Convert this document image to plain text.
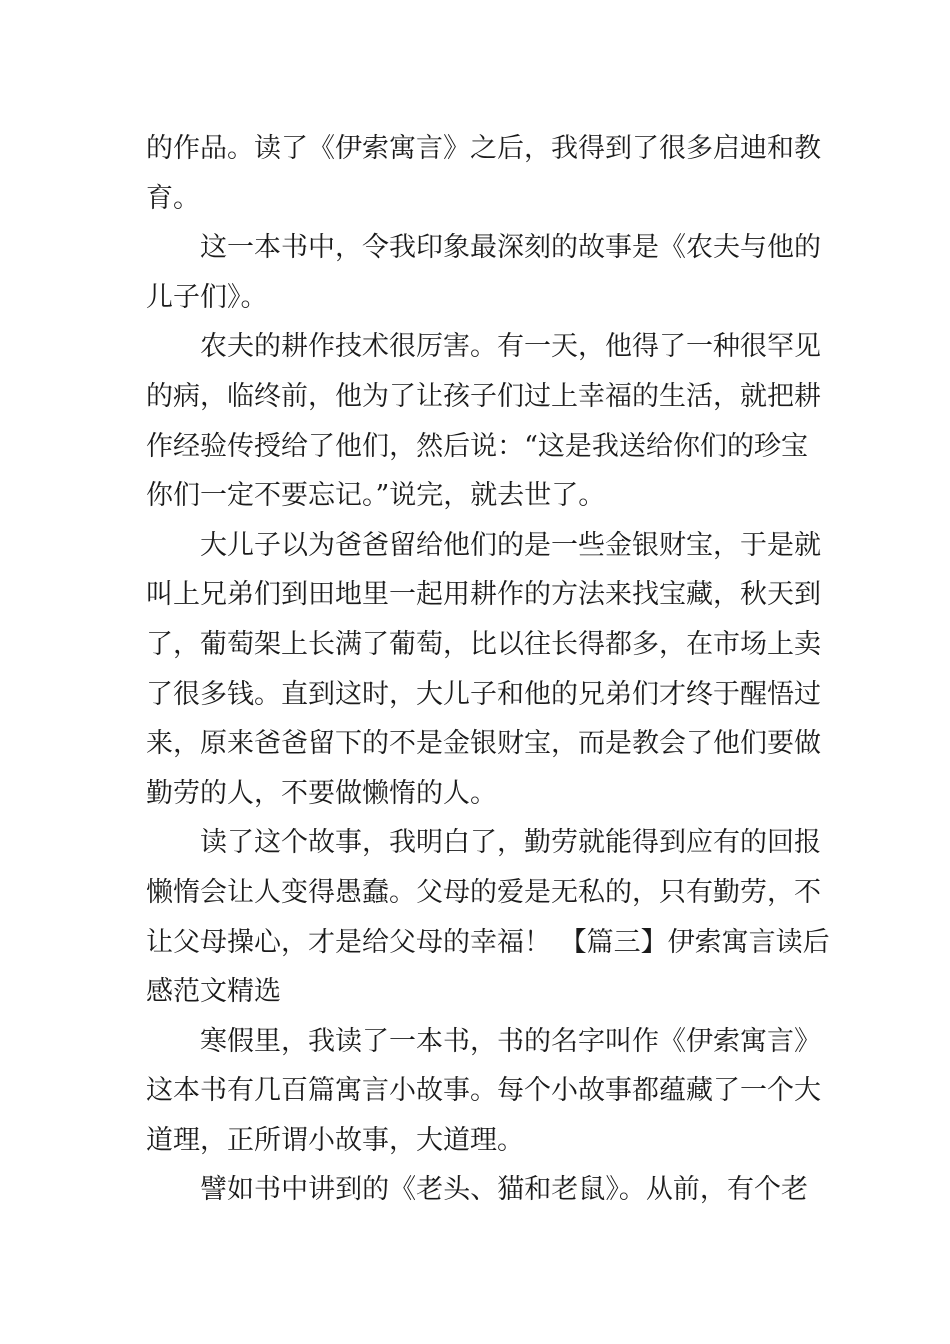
的作品。读了《伊索寓言》之后，我得到了很多启迪和教
育。
这一本书中，令我印象最深刻的故事是《农夫与他的
儿子们》。
农夫的耕作技术很厉害。有一天，他得了一种很罕见
的病，临终前，他为了让孩子们过上幸福的生活，就把耕
作经验传授给了他们，然后说：“这是我送给你们的珍宝
你们一定不要忘记。”说完，就去世了。
大儿子以为爸爸留给他们的是一些金银财宝，于是就
叫上兄弟们到田地里一起用耕作的方法来找宝藏，秋天到
了，葡萄架上长满了葡萄，比以往长得都多，在市场上卖
了很多钱。直到这时，大儿子和他的兄弟们才终于醒悟过
来，原来爸爸留下的不是金银财宝，而是教会了他们要做
勤劳的人，不要做懒惰的人。
读了这个故事，我明白了，勤劳就能得到应有的回报
懒惰会让人变得愚蠢。父母的爱是无私的，只有勤劳，不
让父母操心，才是给父母的幸福！ 【篇三】伊索寓言读后
感范文精选
寒假里，我读了一本书，书的名字叫作《伊索寓言》
这本书有几百篇寓言小故事。每个小故事都蕴藏了一个大
道理，正所谓小故事，大道理。
譬如书中讲到的《老头、猫和老鼠》。从前，有个老
